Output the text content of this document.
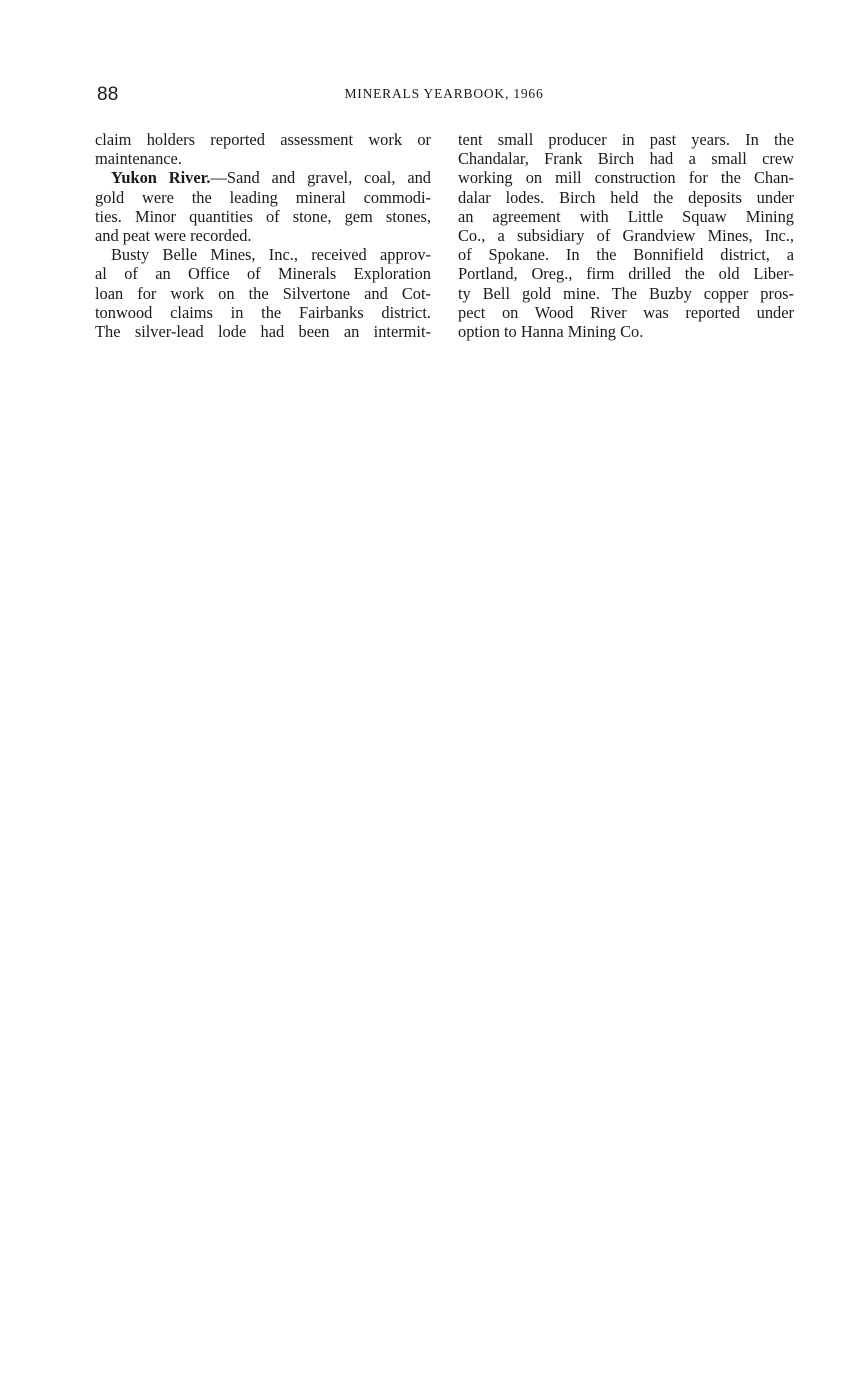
88	MINERALS YEARBOOK, 1966

claim holders reported assessment work or
maintenance.

Yukon River.—Sand and gravel, coal, and
gold were the leading mineral commodi-
ties. Minor quantities of stone, gem stones,
and peat were recorded.

Busty Belle Mines, Inc., received approv-
al of an Office of Minerals Exploration
loan for work on the Silvertone and Cot-
tonwood claims in the Fairbanks district.
The silver-lead lode had been an intermit-

tent small producer in past years. In the
Chandalar, Frank Birch had a small crew
working on mill construction for the Chan-
dalar lodes. Birch held the deposits under
an agreement with Little Squaw Mining
Co., a subsidiary of Grandview Mines, Inc.,
of Spokane. In the Bonnifield district, a
Portland, Oreg., firm drilled the old Liber-
ty Bell gold mine. The Buzby copper pros-
pect on Wood River was reported under
option to Hanna Mining Co.
